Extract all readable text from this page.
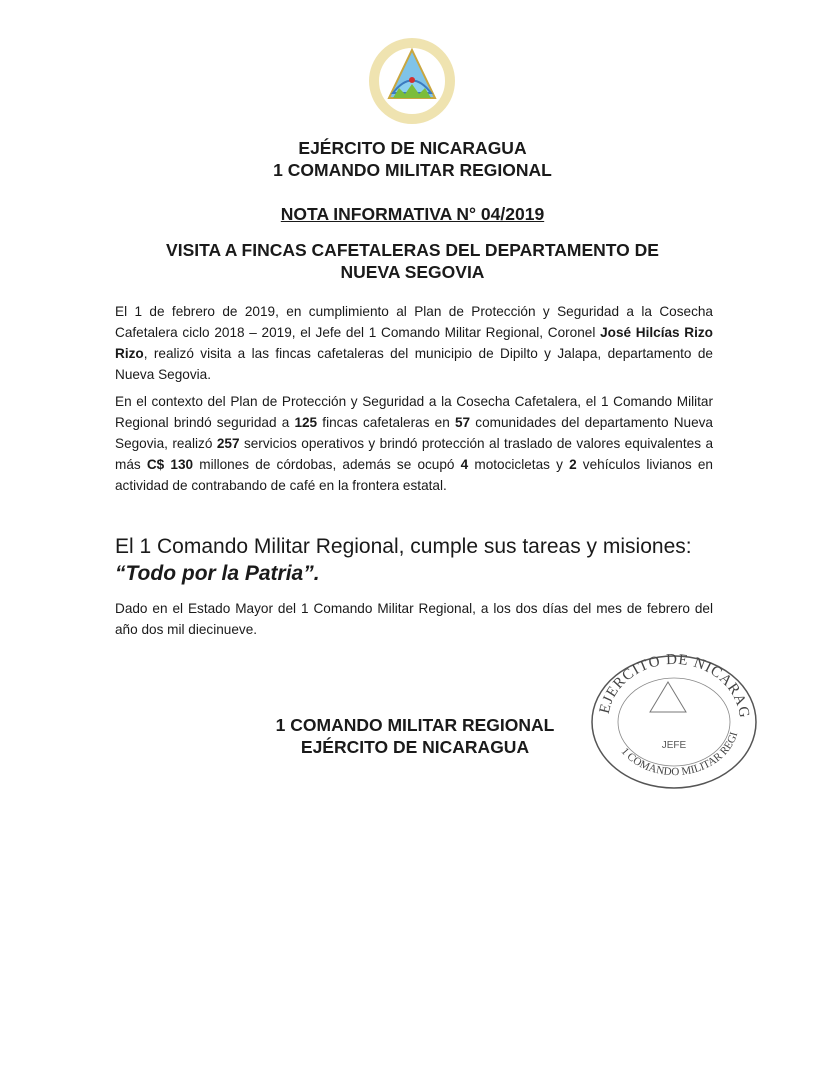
EJÉRCITO DE NICARAGUA
1 COMANDO MILITAR REGIONAL
NOTA INFORMATIVA N° 04/2019
VISITA A FINCAS CAFETALERAS DEL DEPARTAMENTO DE
NUEVA SEGOVIA
El 1 de febrero de 2019, en cumplimiento al Plan de Protección y Seguridad a la Cosecha Cafetalera ciclo 2018 – 2019, el Jefe del 1 Comando Militar Regional, Coronel José Hilcías Rizo Rizo, realizó visita a las fincas cafetaleras del municipio de Dipilto y Jalapa, departamento de Nueva Segovia.
En el contexto del Plan de Protección y Seguridad a la Cosecha Cafetalera, el 1 Comando Militar Regional brindó seguridad a 125 fincas cafetaleras en 57 comunidades del departamento Nueva Segovia, realizó 257 servicios operativos y brindó protección al traslado de valores equivalentes a más C$ 130 millones de córdobas, además se ocupó 4 motocicletas y 2 vehículos livianos en actividad de contrabando de café en la frontera estatal.
El 1 Comando Militar Regional, cumple sus tareas y misiones:
“Todo por la Patria”.
Dado en el Estado Mayor del 1 Comando Militar Regional, a los dos días del mes de febrero del año dos mil diecinueve.
1 COMANDO MILITAR REGIONAL
EJÉRCITO DE NICARAGUA
EJERCITO DE NICARAG
1 COMANDO MILITAR REGI
JEFE
